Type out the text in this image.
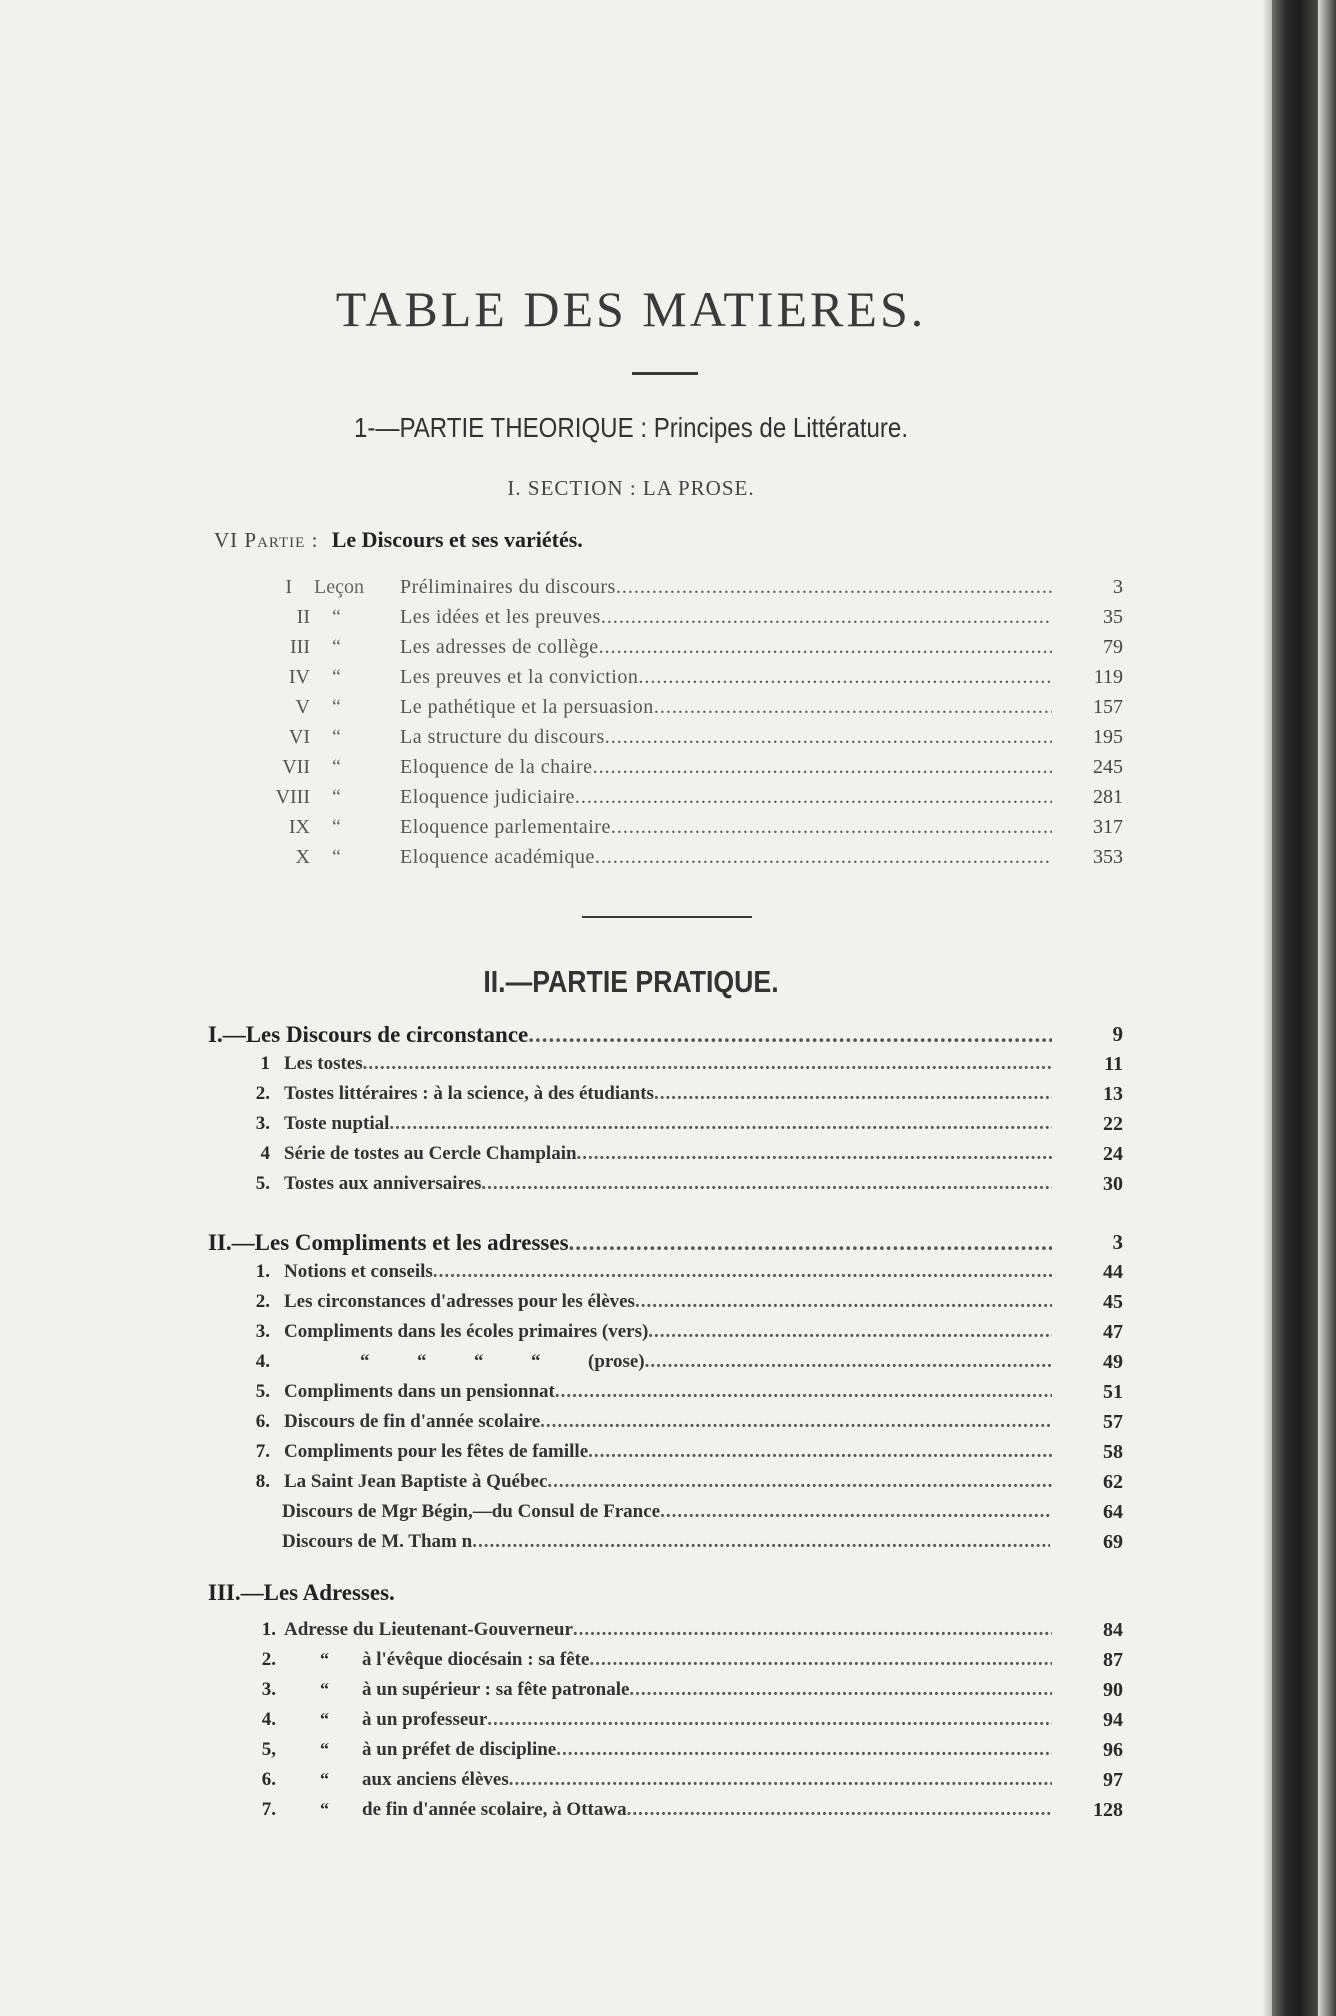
TABLE DES MATIERES.
1-—PARTIE THEORIQUE : Principes de Littérature.
I. SECTION : LA PROSE.
VI Partie : Le Discours et ses variétés.
I Leçon Préliminaires du discours .....	3
II “	Les idées et les preuves .....	35
III “	Les adresses de collège .....	79
IV “	Les preuves et la conviction .....	119
V “	Le pathétique et la persuasion .....	157
VI “	La structure du discours .....	195
VII “	Eloquence de la chaire .....	245
VIII “	Eloquence judiciaire .....	281
IX “	Eloquence parlementaire .....	317
X “	Eloquence académique .....	353
II.—PARTIE PRATIQUE.
I.—Les Discours de circonstance .....	9
1 Les tostes .....	11
2. Tostes littéraires : à la science, à des étudiants .....	13
3. Toste nuptial .....	22
4 Série de tostes au Cercle Champlain .....	24
5. Tostes aux anniversaires .....	30
II.—Les Compliments et les adresses .....	3
1. Notions et conseils .....	44
2. Les circonstances d'adresses pour les élèves .....	45
3. Compliments dans les écoles primaires (vers) .....	47
4.	“          “          “          “          (prose) .....	49
5. Compliments dans un pensionnat .....	51
6. Discours de fin d'année scolaire .....	57
7. Compliments pour les fêtes de famille .....	58
8. La Saint Jean Baptiste à Québec .....	62
Discours de Mgr Bégin,—du Consul de France .....	64
Discours de M. Tham n .....	69
III.—Les Adresses.
1. Adresse du Lieutenant-Gouverneur .....	84
2. “ à l'évêque diocésain : sa fête .....	87
3. “ à un supérieur : sa fête patronale .....	90
4. “ à un professeur .....	94
5, “ à un préfet de discipline .....	96
6. “ aux anciens élèves .....	97
7. “ de fin d'année scolaire, à Ottawa .....	128
